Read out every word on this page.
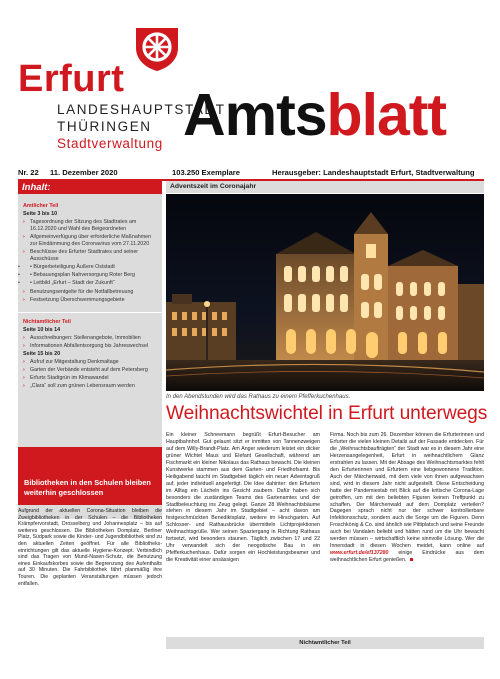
Erfurt
LANDESHAUPTSTADT
THÜRINGEN
Stadtverwaltung Amtsblatt
Nr. 22	11. Dezember 2020	103.250 Exemplare	Herausgeber: Landeshauptstadt Erfurt, Stadtverwaltung
Inhalt:
Amtlicher Teil
Seite 3 bis 10
› Tagesordnung der Sitzung des Stadtrates am 16.12.2020 und Wahl des Beigeordneten
› Allgemeinverfügung über erforderliche Maßnahmen zur Eindämmung des Coronavirus vom 27.11.2020
› Beschlüsse des Erfurter Stadtrates und seiner Ausschüsse
• • Bürgerbeteiligung Äußere Oststadt
• • Bebauungsplan Nahversorgung Roter Berg
• • Leitbild „Erfurt – Stadt der Zukunft“
› Benutzungsentgelte für die Notfallbetreuung
› Festsetzung Überschwemmungsgebiete
Nichtamtlicher Teil
Seite 10 bis 14
› Ausschreibungen: Stellenangebote, Immobilien
› Informationen Abfallentsorgung bis Jahreswechsel
Seite 15 bis 20
› Aufruf zur Mitgestaltung Denkmaltage
› Garten der Verbände entsteht auf dem Petersberg
› Erfurts Stadtgrün im Klimawandel
› „Clara“ soll zum grünen Lebensraum werden
Bibliotheken in den Schulen bleiben weiterhin geschlossen
Aufgrund der aktuellen Corona-Situation bleiben die Zweigbibliotheken in der Schulen – die Bibliotheken Krämpfervorstadt, Drosselberg und Johannesplatz – bis auf weiteres geschlossen. Die Bibliotheken Domplatz, Berliner Platz, Südpark sowie die Kinder- und Jugendbibliothek sind zu den aktuellen Zeiten geöffnet. Für alle Bibliothekseinrichtungen gilt das aktuelle Hygiene-Konzept. Verbindlich sind das Tragen von Mund-Nasen-Schutz, die Benutzung eines Einkaufskorbes sowie die Begrenzung des Aufenthalts auf 30 Minuten. Die Fahrbibliothek fährt planmäßig ihre Touren. Die geplanten Veranstaltungen müssen jedoch entfallen.
Adventszeit im Coronajahr
In den Abendstunden wird das Rathaus zu einem Pfefferkuchenhaus.
Weihnachtswichtel in Erfurt unterwegs
Ein kleiner Schneemann begrüßt Erfurt-Besucher am Hauptbahnhof. Gut gelaunt sitzt er inmitten von Tannenzweigen auf dem Willy-Brandt-Platz. Am Anger wiederum leistet ein dicker grüner Wichtel Maus und Elefant Gesellschaft, während am Fischmarkt ein kleiner Nikolaus das Rathaus bewacht. Die kleinen Kunstwerke stammen aus dem Garten- und Friedhofsamt. Bis Heiligabend taucht im Stadtgebiet täglich ein neuer Adventsgruß auf, jeder individuell angefertigt. Die Idee dahinter: den Erfurtern im Alltag ein Lächeln ins Gesicht zaubern. Dafür haben sich besonders die zuständigen Teams des Gartenamtes und der Stadtbeleuchtung ins Zeug gelegt. Ganze 28 Weihnachtsbäume stehen in diesem Jahr im Stadtgebiet – acht davon am festgeschmückten Benediktsplatz, weitere im Hirschgarten. Auf Schlosser- und Rathausbrücke übermitteln Lichtprojektionen Weihnachtsgrüße. Wer seinen Spaziergang in Richtung Rathaus fortsetzt, wird besonders staunen. Täglich zwischen 17 und 22 Uhr verwandelt sich der neogotische Bau in ein Pfefferkuchenhaus. Dafür sorgen ein Hochleistungsbeamer und die Kreativität einer ansässigen
Firma. Noch bis zum 26. Dezember können die Erfurterinnen und Erfurter die vielen kleinen Details auf der Fassade entdecken. Für die „Weihnachtsbaufträgten“ der Stadt war es in diesem Jahr eine Herzensangelegenheit, Erfurt in weihnachtlichem Glanz erstrahlen zu lassen. Mit der Absage des Weihnachtsmarktes fehlt den Erfurterinnen und Erfurtern eine liebgewonnene Tradition. Auch der Märchenwald, mit dem viele von ihnen aufgewachsen sind, wird in diesem Jahr nicht aufgestellt. Diese Entscheidung hatte der Pandemiestab mit Blick auf die kritische Corona-Lage getroffen, um mit den beliebten Figuren keinen Treffpunkt zu schaffen. Der Märchenwald auf dem Domplatz verteilen? Dagegen sprach nicht nur der schwer kontrollierbare Infektionsschutz, sondern auch die Sorge um die Figuren. Denn Froschkönig & Co. sind ähnlich wie Pittiplatsch und seine Freunde auch bei Vandalen beliebt und hätten rund um die Uhr bewacht werden müssen – wirtschaftlich keine sinnvolle Lösung. Wer die Innenstadt in diesen Wochen meidet, kann online auf www.erfurt.de/ef137280 einige Eindrücke aus dem weihnachtlichen Erfurt genießen.
Nichtamtlicher Teil
